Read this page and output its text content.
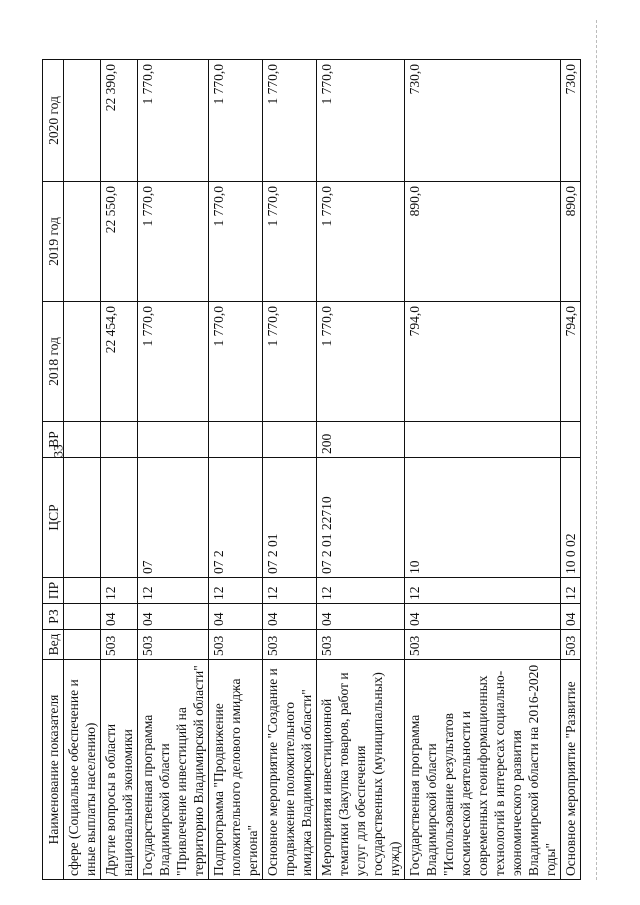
33
Наименование показателя	Вед	РЗ	ПР	ЦСР	ВР	2018 год	2019 год	2020 год
сфере (Социальное обеспечение и иные выплаты населению)								
Другие вопросы в области национальной экономики	503	04	12			22 454,0	22 550,0	22 390,0
Государственная программа Владимирской области "Привлечение инвестиций на территорию Владимирской области"	503	04	12	07		1 770,0	1 770,0	1 770,0
Подпрограмма "Продвижение положительного делового имиджа региона"	503	04	12	07 2		1 770,0	1 770,0	1 770,0
Основное мероприятие "Создание и продвижение положительного имиджа Владимирской области"	503	04	12	07 2 01		1 770,0	1 770,0	1 770,0
Мероприятия инвестиционной тематики (Закупка товаров, работ и услуг для обеспечения государственных (муниципальных) нужд)	503	04	12	07 2 01 22710	200	1 770,0	1 770,0	1 770,0
Государственная программа Владимирской области "Использование результатов космической деятельности и современных геоинформационных технологий в интересах социально-экономического развития Владимирской области на 2016-2020 годы"	503	04	12	10		794,0	890,0	730,0
Основное мероприятие "Развитие	503	04	12	10 0 02		794,0	890,0	730,0
